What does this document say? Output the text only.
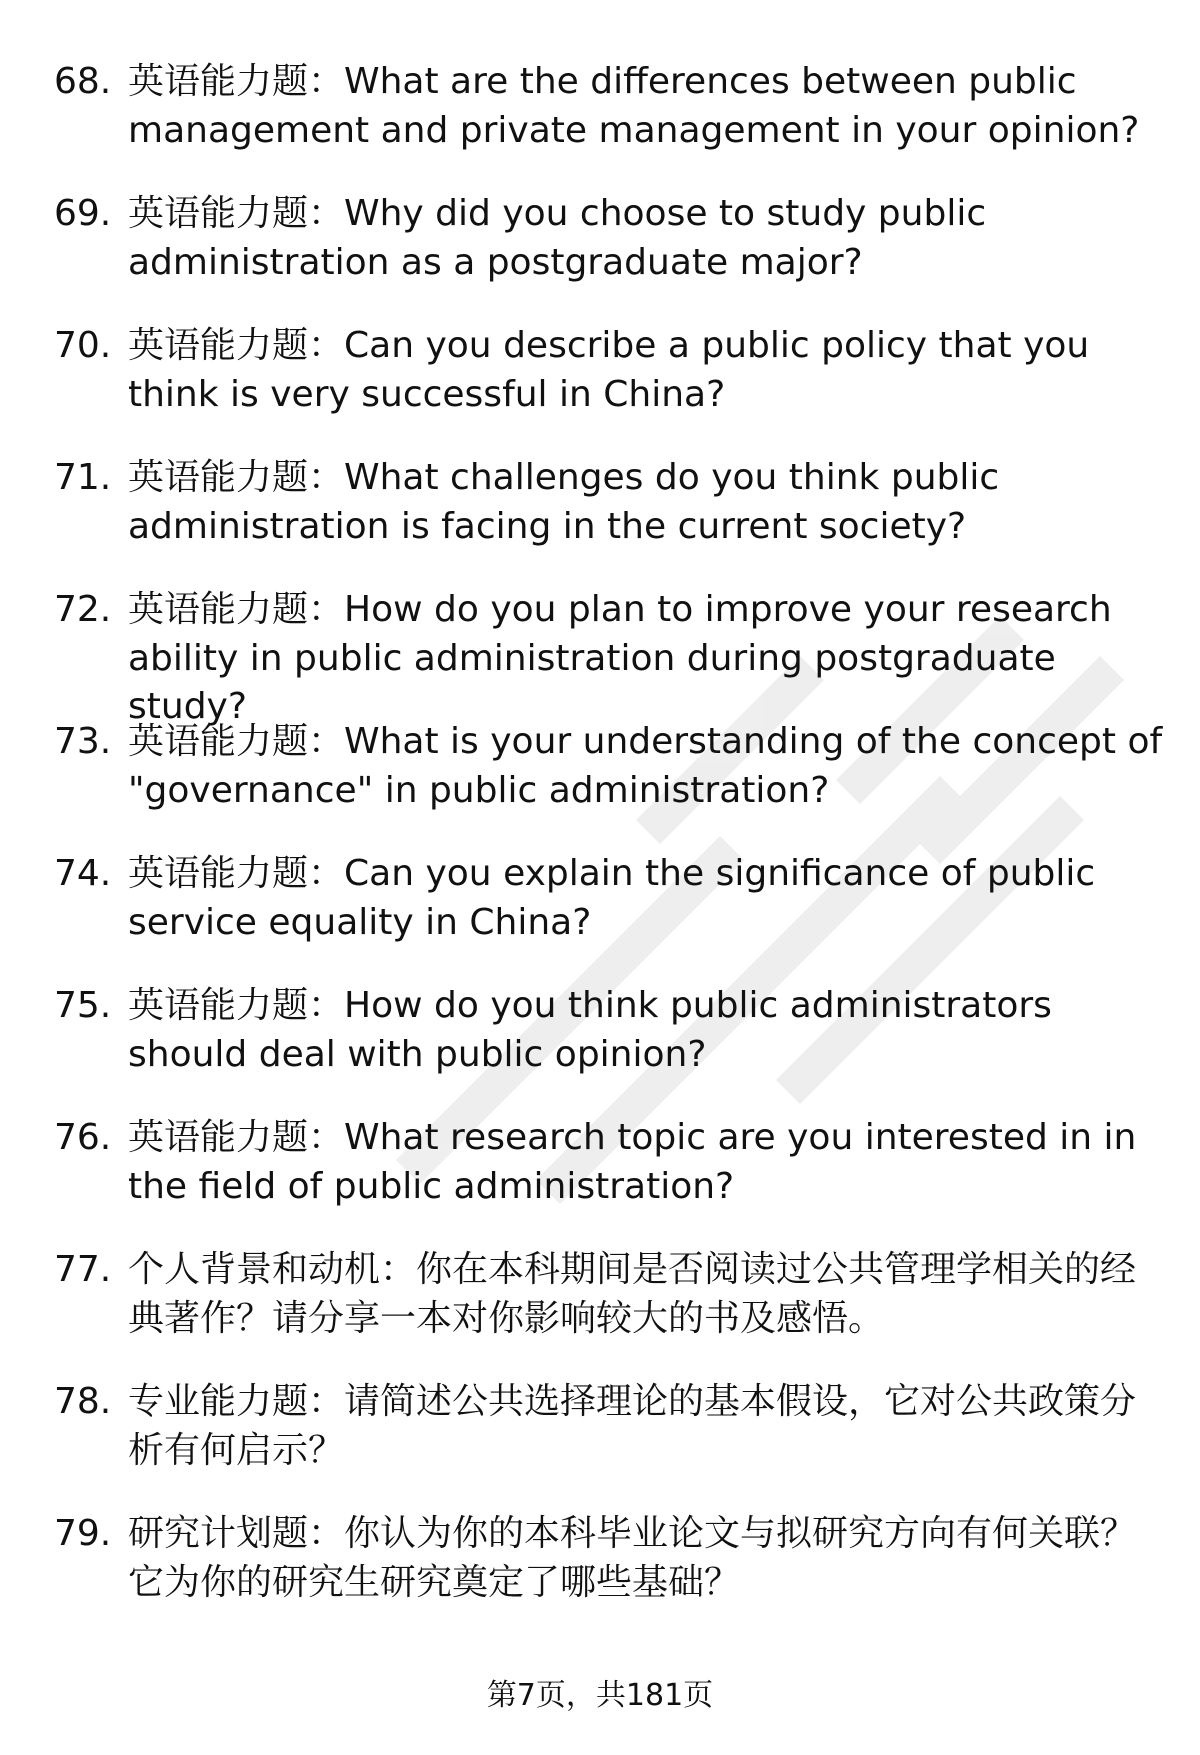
68. 英语能力题：What are the differences between public management and private management in your opinion?
69. 英语能力题：Why did you choose to study public administration as a postgraduate major?
70. 英语能力题：Can you describe a public policy that you think is very successful in China?
71. 英语能力题：What challenges do you think public administration is facing in the current society?
72. 英语能力题：How do you plan to improve your research ability in public administration during postgraduate study?
73. 英语能力题：What is your understanding of the concept of "governance" in public administration?
74. 英语能力题：Can you explain the significance of public service equality in China?
75. 英语能力题：How do you think public administrators should deal with public opinion?
76. 英语能力题：What research topic are you interested in in the field of public administration?
77. 个人背景和动机：你在本科期间是否阅读过公共管理学相关的经典著作？请分享一本对你影响较大的书及感悟。
78. 专业能力题：请简述公共选择理论的基本假设，它对公共政策分析有何启示？
79. 研究计划题：你认为你的本科毕业论文与拟研究方向有何关联？它为你的研究生研究奠定了哪些基础？
第7页，共181页
